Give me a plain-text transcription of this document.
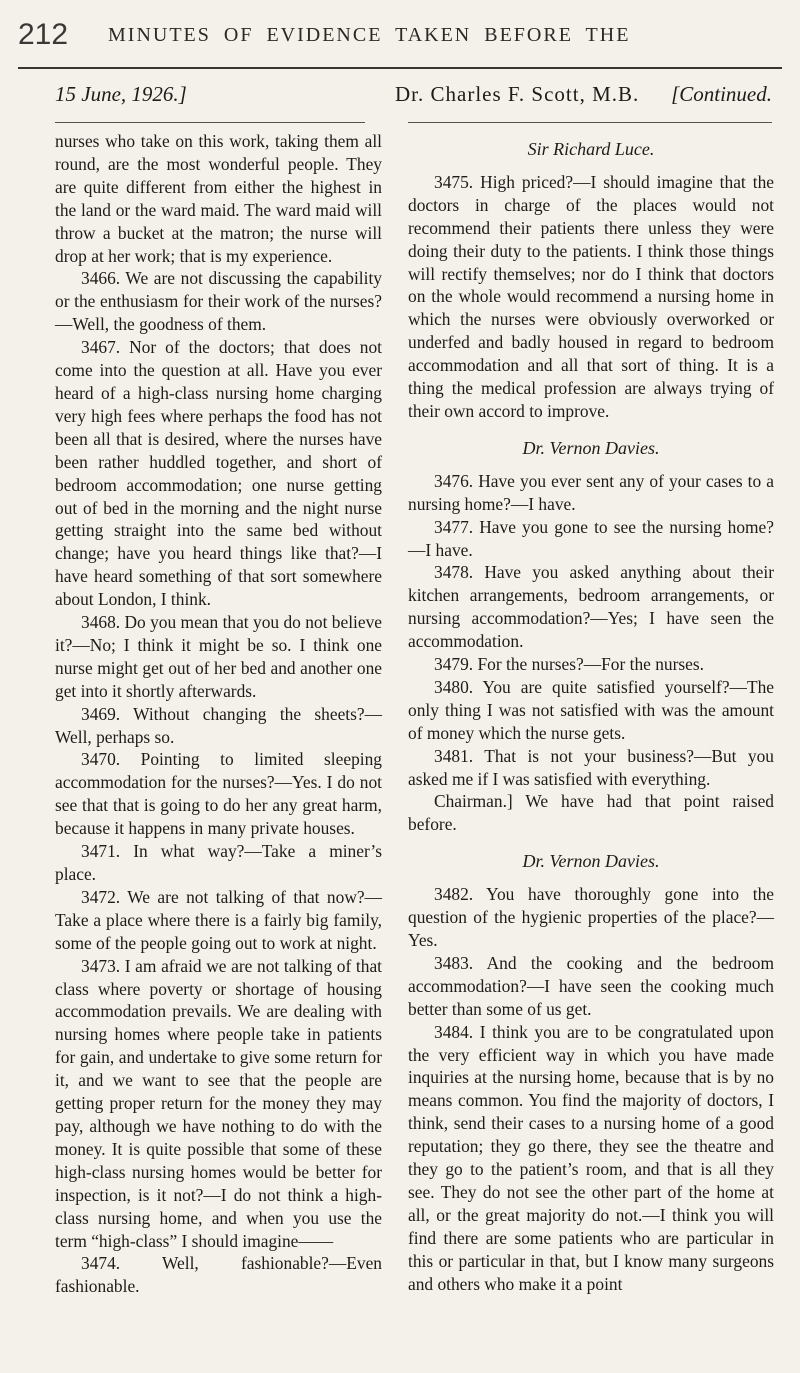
212 MINUTES OF EVIDENCE TAKEN BEFORE THE
15 June, 1926.]	Dr. Charles F. Scott, M.B. [Continued.

nurses who take on this work, taking them all round, are the most wonderful people. They are quite different from either the highest in the land or the ward maid. The ward maid will throw a bucket at the matron; the nurse will drop at her work; that is my experience.

3466. We are not discussing the capability or the enthusiasm for their work of the nurses?—Well, the goodness of them.

3467. Nor of the doctors; that does not come into the question at all. Have you ever heard of a high-class nursing home charging very high fees where perhaps the food has not been all that is desired, where the nurses have been rather huddled together, and short of bedroom accommodation; one nurse getting out of bed in the morning and the night nurse getting straight into the same bed without change; have you heard things like that?—I have heard something of that sort somewhere about London, I think.

3468. Do you mean that you do not believe it?—No; I think it might be so. I think one nurse might get out of her bed and another one get into it shortly afterwards.

3469. Without changing the sheets?—Well, perhaps so.

3470. Pointing to limited sleeping accommodation for the nurses?—Yes. I do not see that that is going to do her any great harm, because it happens in many private houses.

3471. In what way?—Take a miner’s place.

3472. We are not talking of that now?—Take a place where there is a fairly big family, some of the people going out to work at night.

3473. I am afraid we are not talking of that class where poverty or shortage of housing accommodation prevails. We are dealing with nursing homes where people take in patients for gain, and undertake to give some return for it, and we want to see that the people are getting proper return for the money they may pay, although we have nothing to do with the money. It is quite possible that some of these high-class nursing homes would be better for inspection, is it not?—I do not think a high-class nursing home, and when you use the term “high-class” I should imagine——

3474. Well, fashionable?—Even fashionable.

Sir Richard Luce.

3475. High priced?—I should imagine that the doctors in charge of the places would not recommend their patients there unless they were doing their duty to the patients. I think those things will rectify themselves; nor do I think that doctors on the whole would recommend a nursing home in which the nurses were obviously overworked or underfed and badly housed in regard to bedroom accommodation and all that sort of thing. It is a thing the medical profession are always trying of their own accord to improve.

Dr. Vernon Davies.

3476. Have you ever sent any of your cases to a nursing home?—I have.

3477. Have you gone to see the nursing home?—I have.

3478. Have you asked anything about their kitchen arrangements, bedroom arrangements, or nursing accommodation?—Yes; I have seen the accommodation.

3479. For the nurses?—For the nurses.

3480. You are quite satisfied yourself?—The only thing I was not satisfied with was the amount of money which the nurse gets.

3481. That is not your business?—But you asked me if I was satisfied with everything.

Chairman.] We have had that point raised before.

Dr. Vernon Davies.

3482. You have thoroughly gone into the question of the hygienic properties of the place?—Yes.

3483. And the cooking and the bedroom accommodation?—I have seen the cooking much better than some of us get.

3484. I think you are to be congratulated upon the very efficient way in which you have made inquiries at the nursing home, because that is by no means common. You find the majority of doctors, I think, send their cases to a nursing home of a good reputation; they go there, they see the theatre and they go to the patient’s room, and that is all they see. They do not see the other part of the home at all, or the great majority do not.—I think you will find there are some patients who are particular in this or particular in that, but I know many surgeons and others who make it a point
